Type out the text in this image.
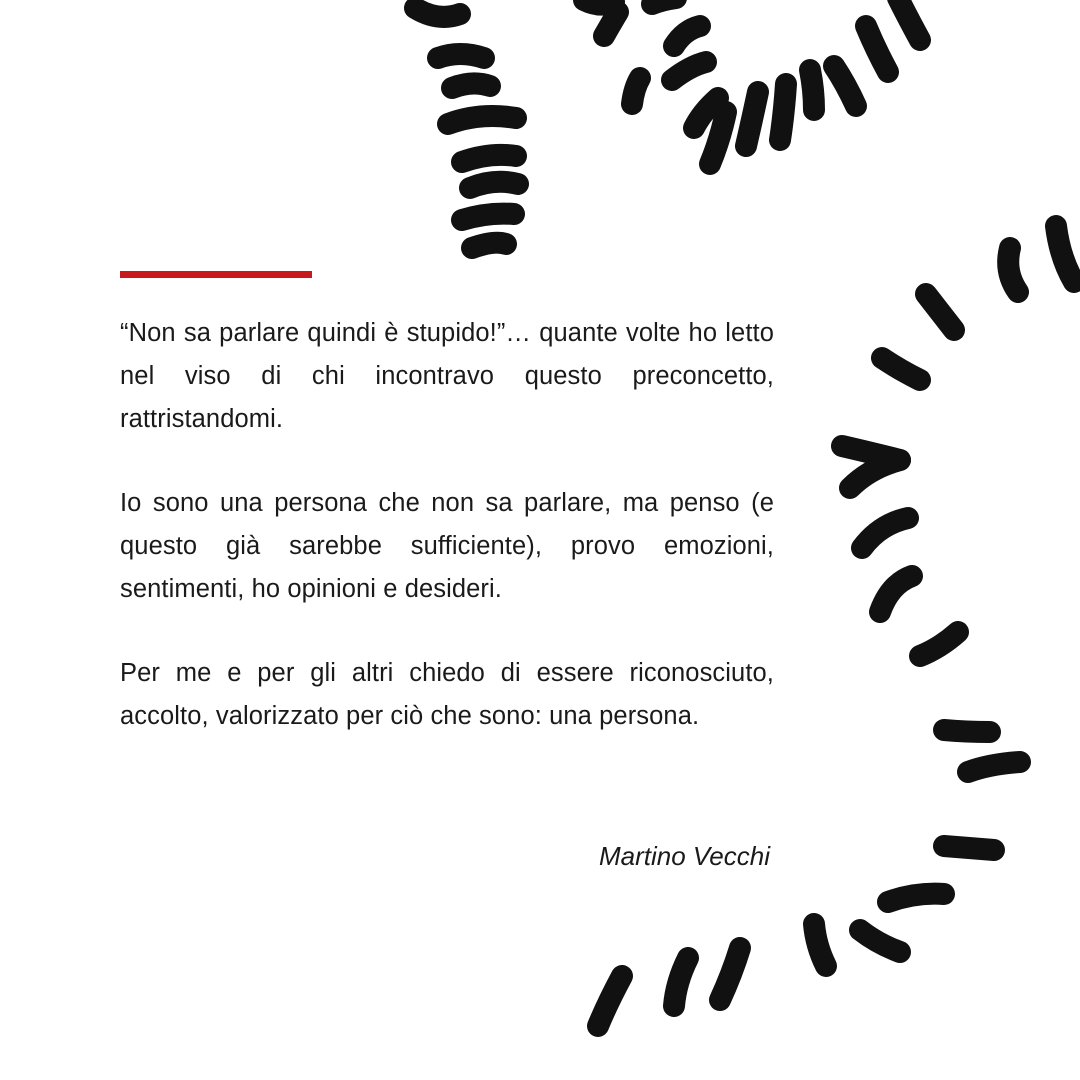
“Non sa parlare quindi è stupido!”… quante volte ho letto nel viso di chi incontravo questo preconcetto, rattristandomi.

Io sono una persona che non sa parlare, ma penso (e questo già sarebbe sufficiente), provo emozioni, sentimenti, ho opinioni e desideri.

Per me e per gli altri chiedo di essere riconosciuto, accolto, valorizzato per ciò che sono: una persona.

Martino Vecchi
